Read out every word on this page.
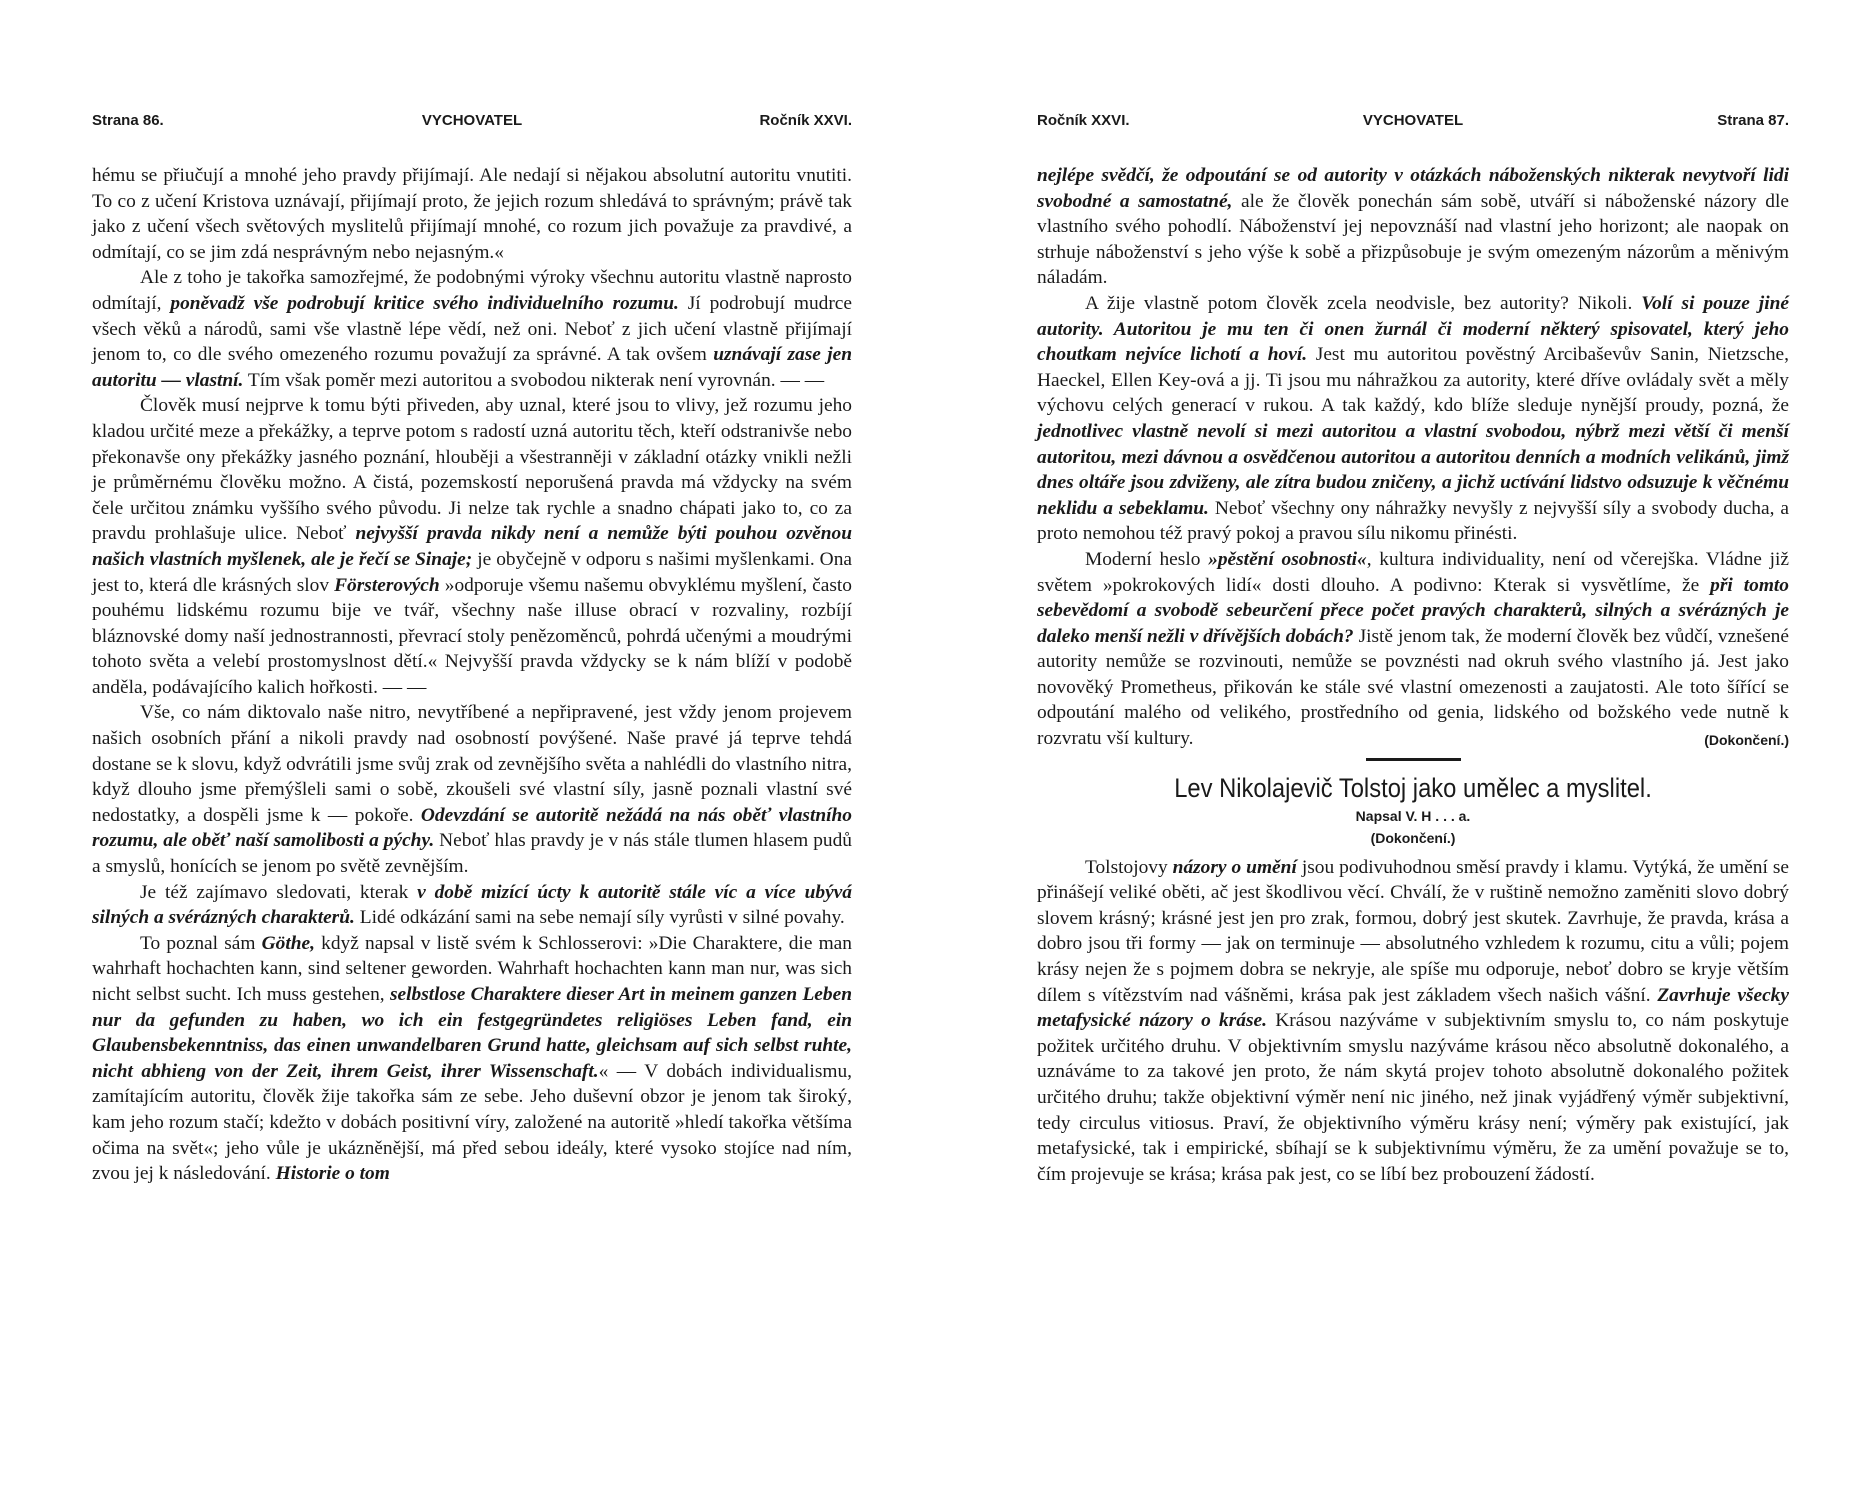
Strana 86.	VYCHOVATEL	Ročník XXVI.

hému se přiučují a mnohé jeho pravdy přijímají. Ale nedají si nějakou absolutní autoritu vnutiti. To co z učení Kristova uznávají, přijímají proto, že jejich rozum shledává to správným; právě tak jako z učení všech světových myslitelů přijímají mnohé, co rozum jich považuje za pravdivé, a odmítají, co se jim zdá nesprávným nebo nejasným.«

Ale z toho je takořka samozřejmé, že podobnými výroky všechnu autoritu vlastně naprosto odmítají, poněvadž vše podrobují kritice svého individuelního rozumu. Jí podrobují mudrce všech věků a národů, sami vše vlastně lépe vědí, než oni. Neboť z jich učení vlastně přijímají jenom to, co dle svého omezeného rozumu považují za správné. A tak ovšem uznávají zase jen autoritu — vlastní. Tím však poměr mezi autoritou a svobodou nikterak není vyrovnán. — —

Člověk musí nejprve k tomu býti přiveden, aby uznal, které jsou to vlivy, jež rozumu jeho kladou určité meze a překážky, a teprve potom s radostí uzná autoritu těch, kteří odstranivše nebo překonavše ony překážky jasného poznání, hlouběji a všestranněji v základní otázky vnikli nežli je průměrnému člověku možno. A čistá, pozemskostí neporušená pravda má vždycky na svém čele určitou známku vyššího svého původu. Ji nelze tak rychle a snadno chápati jako to, co za pravdu prohlašuje ulice. Neboť nejvyšší pravda nikdy není a nemůže býti pouhou ozvěnou našich vlastních myšlenek, ale je řečí se Sinaje; je obyčejně v odporu s našimi myšlenkami. Ona jest to, která dle krásných slov Försterových »odporuje všemu našemu obvyklému myšlení, často pouhému lidskému rozumu bije ve tvář, všechny naše illuse obrací v rozvaliny, rozbíjí bláznovské domy naší jednostrannosti, převrací stoly penězoměnců, pohrdá učenými a moudrými tohoto světa a velebí prostomyslnost dětí.« Nejvyšší pravda vždycky se k nám blíží v podobě anděla, podávajícího kalich hořkosti. — —

Vše, co nám diktovalo naše nitro, nevytříbené a nepřipravené, jest vždy jenom projevem našich osobních přání a nikoli pravdy nad osobností povýšené. Naše pravé já teprve tehdá dostane se k slovu, když odvrátili jsme svůj zrak od zevnějšího světa a nahlédli do vlastního nitra, když dlouho jsme přemýšleli sami o sobě, zkoušeli své vlastní síly, jasně poznali vlastní své nedostatky, a dospěli jsme k — pokoře. Odevzdání se autoritě nežádá na nás oběť vlastního rozumu, ale oběť naší samolibosti a pýchy. Neboť hlas pravdy je v nás stále tlumen hlasem pudů a smyslů, honících se jenom po světě zevnějším.

Je též zajímavo sledovati, kterak v době mizící úcty k autoritě stále víc a více ubývá silných a svérázných charakterů. Lidé odkázání sami na sebe nemají síly vyrůsti v silné povahy.

To poznal sám Göthe, když napsal v listě svém k Schlosserovi: »Die Charaktere, die man wahrhaft hochachten kann, sind seltener geworden. Wahrhaft hochachten kann man nur, was sich nicht selbst sucht. Ich muss gestehen, selbstlose Charaktere dieser Art in meinem ganzen Leben nur da gefunden zu haben, wo ich ein festgegründetes religiöses Leben fand, ein Glaubensbekenntniss, das einen unwandelbaren Grund hatte, gleichsam auf sich selbst ruhte, nicht abhieng von der Zeit, ihrem Geist, ihrer Wissenschaft.« — V dobách individualismu, zamítajícím autoritu, člověk žije takořka sám ze sebe. Jeho duševní obzor je jenom tak široký, kam jeho rozum stačí; kdežto v dobách positivní víry, založené na autoritě »hledí takořka většíma očima na svět«; jeho vůle je ukázněnější, má před sebou ideály, které vysoko stojíce nad ním, zvou jej k následování. Historie o tom

Ročník XXVI.	VYCHOVATEL	Strana 87.

nejlépe svědčí, že odpoutání se od autority v otázkách náboženských nikterak nevytvoří lidi svobodné a samostatné, ale že člověk ponechán sám sobě, utváří si náboženské názory dle vlastního svého pohodlí. Náboženství jej nepovznáší nad vlastní jeho horizont; ale naopak on strhuje náboženství s jeho výše k sobě a přizpůsobuje je svým omezeným názorům a měnivým náladám.

A žije vlastně potom člověk zcela neodvisle, bez autority? Nikoli. Volí si pouze jiné autority. Autoritou je mu ten či onen žurnál či moderní některý spisovatel, který jeho choutkam nejvíce lichotí a hoví. Jest mu autoritou pověstný Arcibaševův Sanin, Nietzsche, Haeckel, Ellen Key-ová a jj. Ti jsou mu náhražkou za autority, které dříve ovládaly svět a měly výchovu celých generací v rukou. A tak každý, kdo blíže sleduje nynější proudy, pozná, že jednotlivec vlastně nevolí si mezi autoritou a vlastní svobodou, nýbrž mezi větší či menší autoritou, mezi dávnou a osvědčenou autoritou a autoritou denních a modních velikánů, jimž dnes oltáře jsou zdviženy, ale zítra budou zničeny, a jichž uctívání lidstvo odsuzuje k věčnému neklidu a sebeklamu. Neboť všechny ony náhražky nevyšly z nejvyšší síly a svobody ducha, a proto nemohou též pravý pokoj a pravou sílu nikomu přinésti.

Moderní heslo »pěstění osobnosti«, kultura individuality, není od včerejška. Vládne již světem »pokrokových lidí« dosti dlouho. A podivno: Kterak si vysvětlíme, že při tomto sebevědomí a svobodě sebeurčení přece počet pravých charakterů, silných a svérázných je daleko menší nežli v dřívějších dobách? Jistě jenom tak, že moderní člověk bez vůdčí, vznešené autority nemůže se rozvinouti, nemůže se povznésti nad okruh svého vlastního já. Jest jako novověký Prometheus, přikován ke stále své vlastní omezenosti a zaujatosti. Ale toto šířící se odpoutání malého od velikého, prostředního od genia, lidského od božského vede nutně k rozvratu vší kultury.	(Dokončení.)

Lev Nikolajevič Tolstoj jako umělec a myslitel.
Napsal V. H . . . a.
(Dokončení.)

Tolstojovy názory o umění jsou podivuhodnou směsí pravdy i klamu. Vytýká, že umění se přinášejí veliké oběti, ač jest škodlivou věcí. Chválí, že v ruštině nemožno zaměniti slovo dobrý slovem krásný; krásné jest jen pro zrak, formou, dobrý jest skutek. Zavrhuje, že pravda, krása a dobro jsou tři formy — jak on terminuje — absolutného vzhledem k rozumu, citu a vůli; pojem krásy nejen že s pojmem dobra se nekryje, ale spíše mu odporuje, neboť dobro se kryje větším dílem s vítězstvím nad vášněmi, krása pak jest základem všech našich vášní. Zavrhuje všecky metafysické názory o kráse. Krásou nazýváme v subjektivním smyslu to, co nám poskytuje požitek určitého druhu. V objektivním smyslu nazýváme krásou něco absolutně dokonalého, a uznáváme to za takové jen proto, že nám skytá projev tohoto absolutně dokonalého požitek určitého druhu; takže objektivní výměr není nic jiného, než jinak vyjádřený výměr subjektivní, tedy circulus vitiosus. Praví, že objektivního výměru krásy není; výměry pak existující, jak metafysické, tak i empirické, sbíhají se k subjektivnímu výměru, že za umění považuje se to, čím projevuje se krása; krása pak jest, co se líbí bez probouzení žádostí.
